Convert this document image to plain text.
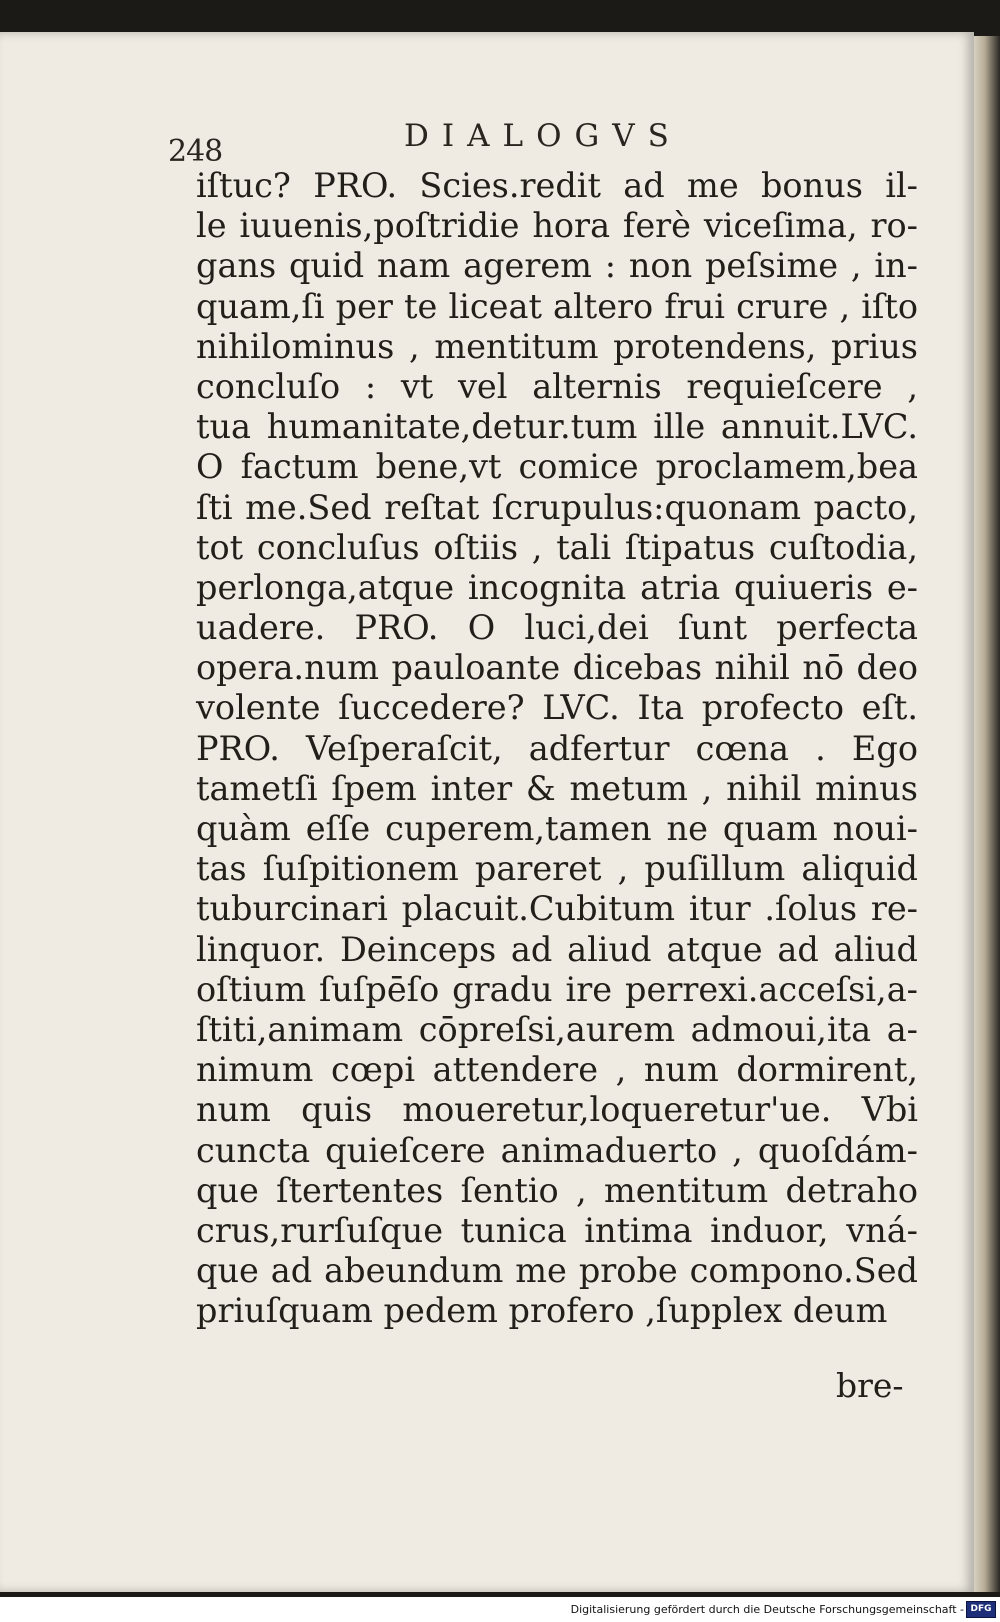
248	DIALOGVS
iſtuc? PRO. Scies.redit ad me bonus il-
le iuuenis,poſtridie hora ferè viceſima, ro-
gans quid nam agerem : non peſsime , in-
quam,ſi per te liceat altero frui crure , iſto
nihilominus , mentitum protendens, prius
concluſo : vt vel alternis requieſcere ,
tua humanitate,detur.tum ille annuit.LVC.
O factum bene,vt comice proclamem,bea
ſti me.Sed reſtat ſcrupulus:quonam pacto,
tot concluſus oſtiis , tali ſtipatus cuſtodia,
perlonga,atque incognita atria quiueris e-
uadere. PRO. O luci,dei ſunt perfecta
opera.num pauloante dicebas nihil nō deo
volente ſuccedere? LVC. Ita profecto eſt.
PRO. Veſperaſcit, adfertur cœna . Ego
tametſi ſpem inter & metum , nihil minus
quàm eſſe cuperem,tamen ne quam noui-
tas ſuſpitionem pareret , puſillum aliquid
tuburcinari placuit.Cubitum itur .ſolus re-
linquor. Deinceps ad aliud atque ad aliud
oſtium ſuſpēſo gradu ire perrexi.acceſsi,a-
ſtiti,animam cōpreſsi,aurem admoui,ita a-
nimum cœpi attendere , num dormirent,
num quis moueretur,loqueretur'ue. Vbi
cuncta quieſcere animaduerto , quoſdám-
que ſtertentes ſentio , mentitum detraho
crus,rurſuſque tunica intima induor, vná-
que ad abeundum me probe compono.Sed
priuſquam pedem profero ,ſupplex deum
bre-
Digitalisierung gefördert durch die Deutsche Forschungsgemeinschaft - DFG
